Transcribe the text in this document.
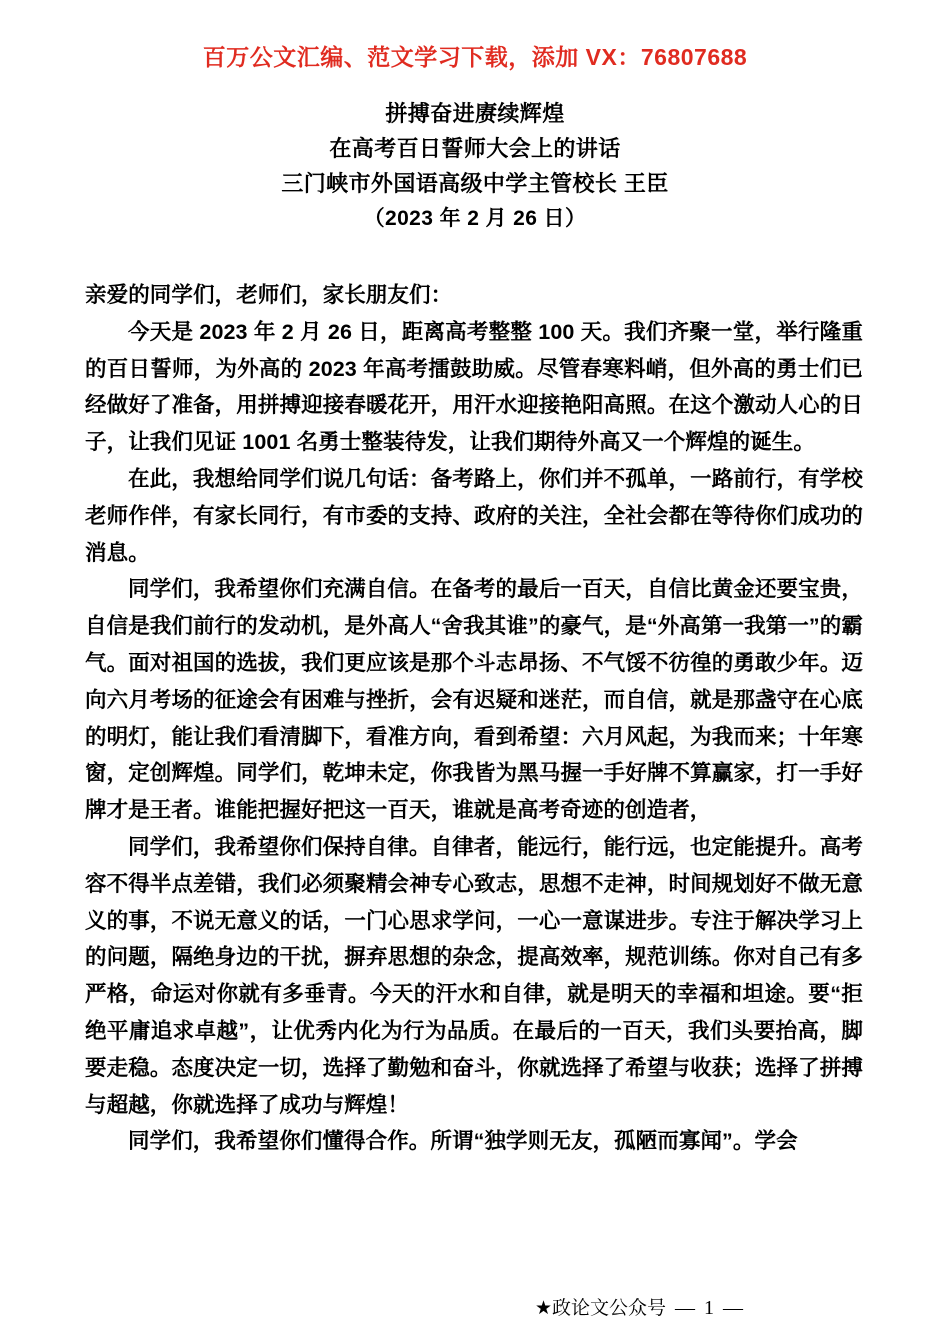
百万公文汇编、范文学习下载，添加 VX：76807688
拼搏奋进赓续辉煌
在高考百日誓师大会上的讲话
三门峡市外国语高级中学主管校长 王臣
（2023 年 2 月 26 日）

亲爱的同学们，老师们，家长朋友们：

今天是 2023 年 2 月 26 日，距离高考整整 100 天。我们齐聚一堂，举行隆重的百日誓师，为外高的 2023 年高考擂鼓助威。尽管春寒料峭，但外高的勇士们已经做好了准备，用拼搏迎接春暖花开，用汗水迎接艳阳高照。在这个激动人心的日子，让我们见证 1001 名勇士整装待发，让我们期待外高又一个辉煌的诞生。

在此，我想给同学们说几句话：备考路上，你们并不孤单，一路前行，有学校老师作伴，有家长同行，有市委的支持、政府的关注，全社会都在等待你们成功的消息。

同学们，我希望你们充满自信。在备考的最后一百天，自信比黄金还要宝贵，自信是我们前行的发动机，是外高人“舍我其谁”的豪气，是“外高第一我第一”的霸气。面对祖国的选拔，我们更应该是那个斗志昂扬、不气馁不彷徨的勇敢少年。迈向六月考场的征途会有困难与挫折，会有迟疑和迷茫，而自信，就是那盏守在心底的明灯，能让我们看清脚下，看准方向，看到希望：六月风起，为我而来；十年寒窗，定创辉煌。同学们，乾坤未定，你我皆为黑马握一手好牌不算赢家，打一手好牌才是王者。谁能把握好把这一百天，谁就是高考奇迹的创造者，

同学们，我希望你们保持自律。自律者，能远行，能行远，也定能提升。高考容不得半点差错，我们必须聚精会神专心致志，思想不走神，时间规划好不做无意义的事，不说无意义的话，一门心思求学问，一心一意谋进步。专注于解决学习上的问题，隔绝身边的干扰，摒弃思想的杂念，提高效率，规范训练。你对自己有多严格，命运对你就有多垂青。今天的汗水和自律，就是明天的幸福和坦途。要“拒绝平庸追求卓越”，让优秀内化为行为品质。在最后的一百天，我们头要抬高，脚要走稳。态度决定一切，选择了勤勉和奋斗，你就选择了希望与收获；选择了拼搏与超越，你就选择了成功与辉煌！

同学们，我希望你们懂得合作。所谓“独学则无友，孤陋而寡闻”。学会

★政论文公众号 — 1 —
